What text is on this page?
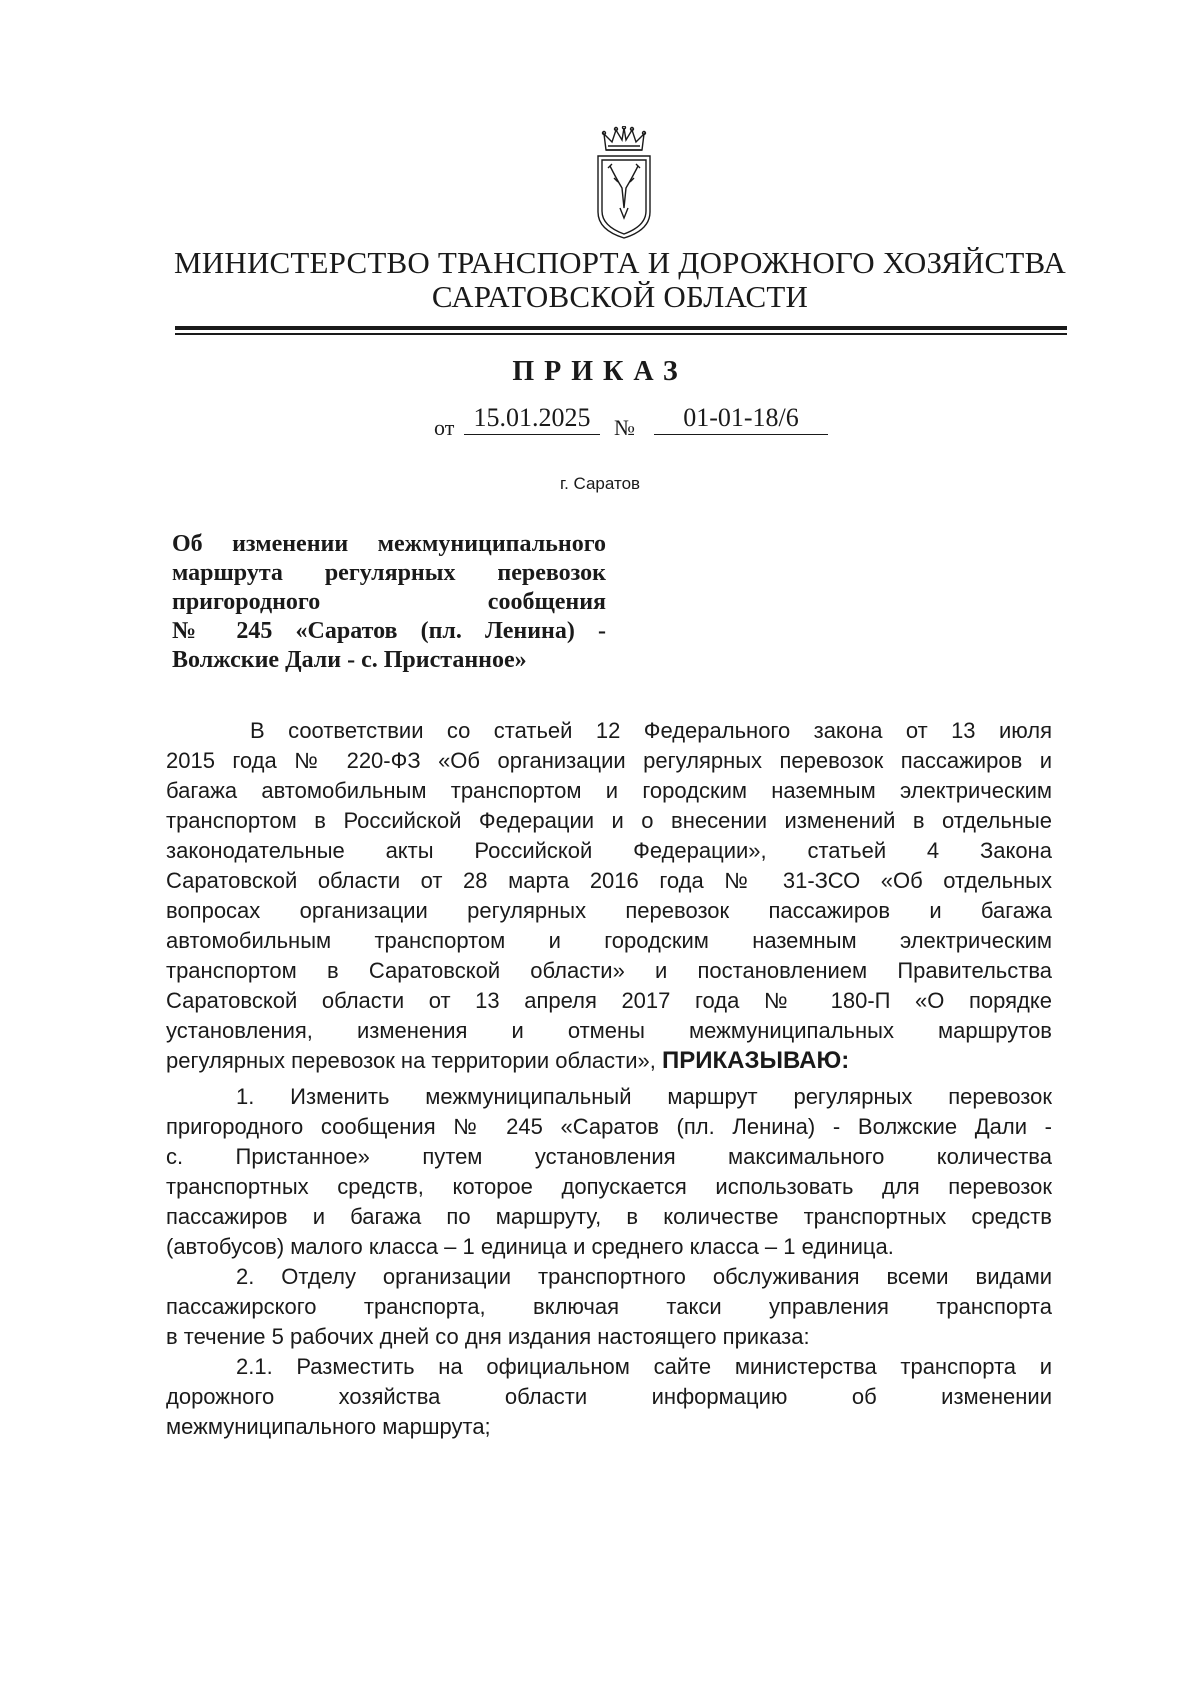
МИНИСТЕРСТВО ТРАНСПОРТА И ДОРОЖНОГО ХОЗЯЙСТВА
САРАТОВСКОЙ ОБЛАСТИ
ПРИКАЗ
от 15.01.2025	№	01-01-18/6
г. Саратов
Об изменении межмуниципального
маршрута регулярных перевозок
пригородного сообщения
№ 245 «Саратов (пл. Ленина) -
Волжские Дали - с. Пристанное»
В соответствии со статьей 12 Федерального закона от 13 июля
2015 года № 220-ФЗ «Об организации регулярных перевозок пассажиров и
багажа автомобильным транспортом и городским наземным электрическим
транспортом в Российской Федерации и о внесении изменений в отдельные
законодательные акты Российской Федерации», статьей 4 Закона
Саратовской области от 28 марта 2016 года № 31-ЗСО «Об отдельных
вопросах организации регулярных перевозок пассажиров и багажа
автомобильным транспортом и городским наземным электрическим
транспортом в Саратовской области» и постановлением Правительства
Саратовской области от 13 апреля 2017 года № 180-П «О порядке
установления, изменения и отмены межмуниципальных маршрутов
регулярных перевозок на территории области», ПРИКАЗЫВАЮ:
1. Изменить межмуниципальный маршрут регулярных перевозок
пригородного сообщения № 245 «Саратов (пл. Ленина) - Волжские Дали -
с. Пристанное» путем установления максимального количества
транспортных средств, которое допускается использовать для перевозок
пассажиров и багажа по маршруту, в количестве транспортных средств
(автобусов) малого класса – 1 единица и среднего класса – 1 единица.
2. Отделу организации транспортного обслуживания всеми видами
пассажирского транспорта, включая такси управления транспорта
в течение 5 рабочих дней со дня издания настоящего приказа:
2.1. Разместить на официальном сайте министерства транспорта и
дорожного хозяйства области информацию об изменении
межмуниципального маршрута;
